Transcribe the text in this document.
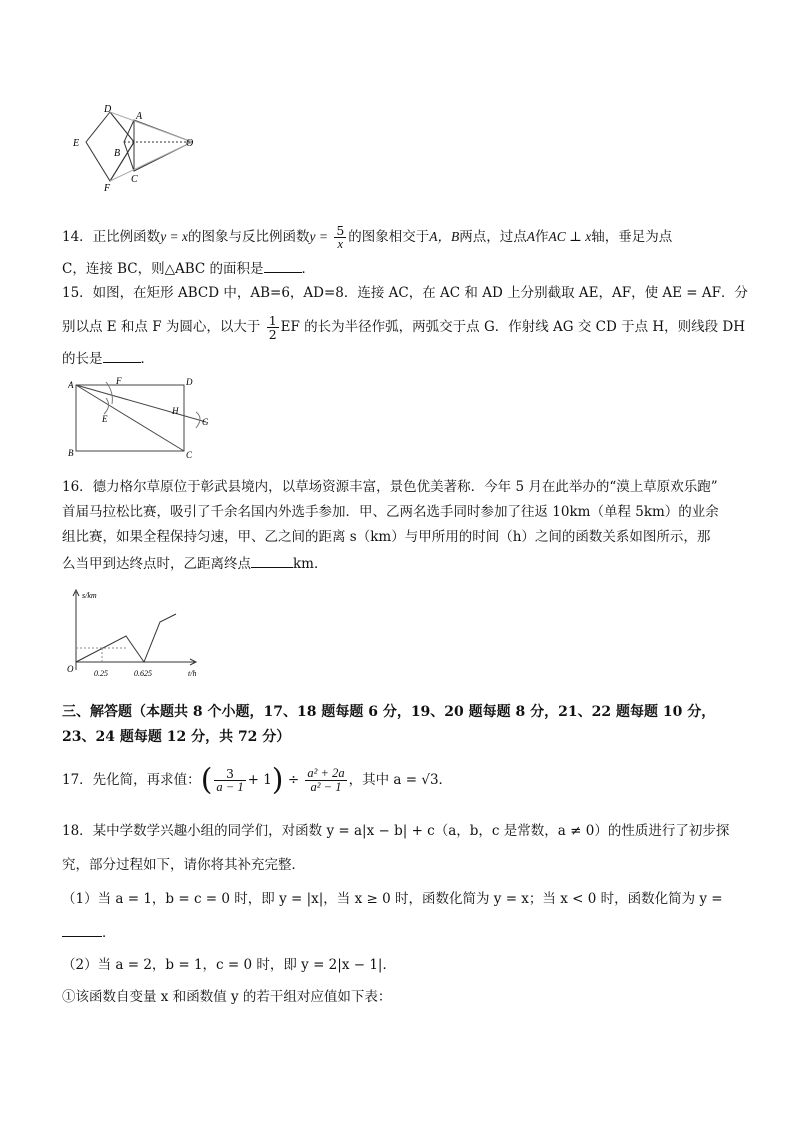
D
A
E
B
O
C
F
14．正比例函数y = x的图象与反比例函数$y = \frac{5}{x}$ 的图象相交于A，B两点，过点A作AC ⊥ x轴，垂足为点
C，连接 BC，则△ABC 的面积是	．
15．如图，在矩形 ABCD 中，AB=6，AD=8．连接 AC，在 AC 和 AD 上分别截取 AE，AF，使 AE = AF．分
别以点 E 和点 F 为圆心，以大于 $\frac{1}{2}$ EF 的长为半径作弧，两弧交于点 G．作射线 AG 交 CD 于点 H，则线段 DH
的长是	．
A	F	D
E
H
G
B	C
16．德力格尔草原位于彰武县境内，以草场资源丰富，景色优美著称．今年 5 月在此举办的“漠上草原欢乐跑”
首届马拉松比赛，吸引了千余名国内外选手参加．甲、乙两名选手同时参加了往返 10km（单程 5km）的业余
组比赛，如果全程保持匀速，甲、乙之间的距离 s（km）与甲所用的时间（h）之间的函数关系如图所示，那
么当甲到达终点时，乙距离终点	km．
s/km
O	0.25	0.625	t/h
三、解答题（本题共 8 个小题，17、18 题每题 6 分，19、20 题每题 8 分，21、22 题每题 10 分，
23、24 题每题 12 分，共 72 分）
17．先化简，再求值：( $\frac{3}{a - 1} + 1) \div \frac{\text{a² + 2a}}{\text{a² − 1}}$ ，其中 a = √3．
18．某中学数学兴趣小组的同学们，对函数 y = a|x − b| + c（a，b，c 是常数，a ≠ 0）的性质进行了初步探
究，部分过程如下，请你将其补充完整．
（1）当 a = 1，b = c = 0 时，即 y = |x|，当 x ≥ 0 时，函数化简为 y = x；当 x < 0 时，函数化简为 y =
．
（2）当 a = 2，b = 1，c = 0 时，即 y = 2|x − 1|．
①该函数自变量 x 和函数值 y 的若干组对应值如下表：
